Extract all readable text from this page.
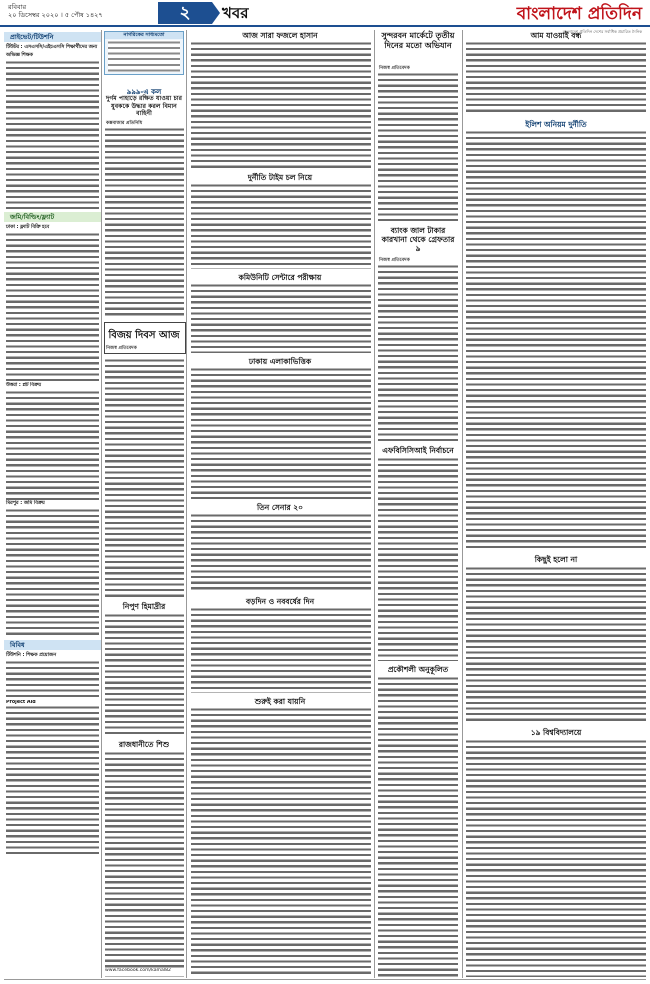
রবিবার
২০ ডিসেম্বর ২০২০ । ৫ পৌষ ১৪২৭	২	খবর	বাংলাদেশ প্রতিদিন
বাংলাদেশ প্রতিদিন দেশের সর্বাধিক প্রচারিত দৈনিক
প্রাইভেট/টিউশনি
টিউটর : এসএসসি/এইচএসসি শিক্ষার্থীদের জন্য অভিজ্ঞ শিক্ষক
জমি/বিল্ডিং/ফ্ল্যাট
ঢাকা : ফ্ল্যাট বিক্রি হবে
উত্তরা : প্লট বিক্রয়
মিরপুর : জমি বিক্রয়
বিবিধ
টিউশনি : শিক্ষক প্রয়োজন
Project Aid
নাগরিকের সাধ্যমতো
৯৯৯-এ কল
দুর্গম পাহাড়ে রক্ষিত যাওয়া চার যুবককে উদ্ধার করল বিমান বাহিনী
কক্সবাজার প্রতিনিধি
বিজয় দিবস আজ
নিজস্ব প্রতিবেদক
নিপুণ হিমাদ্রীর
রাজধানীতে শিশু
আজ সারা ফজলে হাসান
দুর্নীতি টাইম চল নিয়ে
কমিউনিটি সেন্টারে পরীক্ষায়
ঢাকায় এলাকাভিত্তিক
তিন সেনার ২০
বড়দিন ও নববর্ষের দিন
শুরুই করা যায়নি
সুন্দরবন মার্কেটে তৃতীয় দিনের মতো অভিযান
নিজস্ব প্রতিবেদক
ব্যাংক জাল টাকার কারখানা থেকে গ্রেফতার ৯
নিজস্ব প্রতিবেদক
এফবিসিসিআই নির্বাচনে
প্রকৌশলী অনুকূলিত
আম যাওয়াই বন্ধ
ইলিশ অনিয়ম দুর্নীতি
কিছুই হলো না
১৯ বিশ্ববিদ্যালয়ে
www.facebook.com/kamal82
